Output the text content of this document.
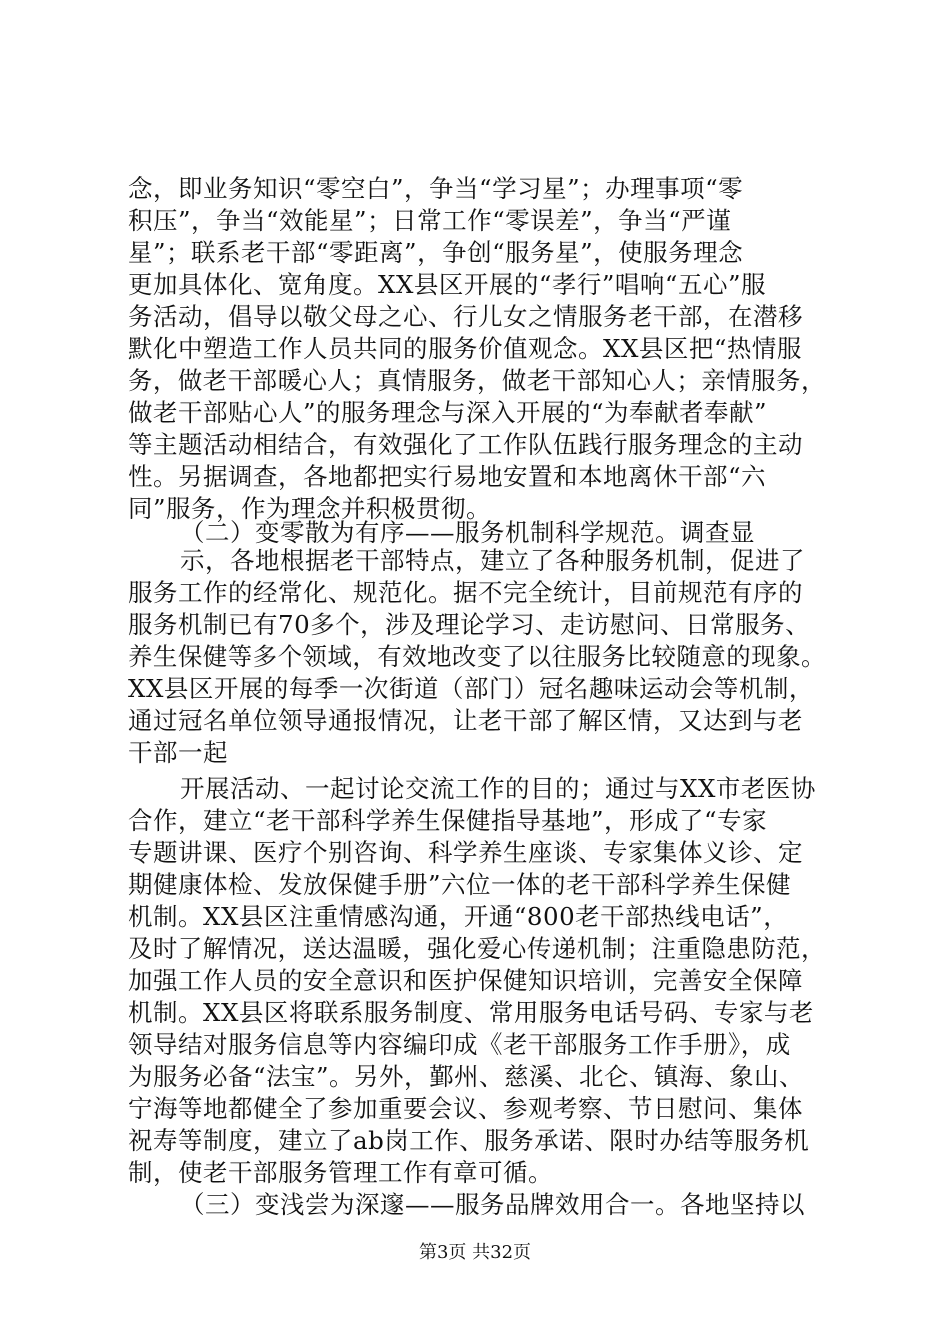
念，即业务知识“零空白”，争当“学习星”；办理事项“零
积压”，争当“效能星”；日常工作“零误差”，争当“严谨
星”；联系老干部“零距离”，争创“服务星”，使服务理念
更加具体化、宽角度。XX县区开展的“孝行”唱响“五心”服
务活动，倡导以敬父母之心、行儿女之情服务老干部，在潜移
默化中塑造工作人员共同的服务价值观念。XX县区把“热情服
务，做老干部暖心人；真情服务，做老干部知心人；亲情服务，
做老干部贴心人”的服务理念与深入开展的“为奉献者奉献”
等主题活动相结合，有效强化了工作队伍践行服务理念的主动
性。另据调查，各地都把实行易地安置和本地离休干部“六
同”服务，作为理念并积极贯彻。
（二）变零散为有序——服务机制科学规范。调查显
示，各地根据老干部特点，建立了各种服务机制，促进了
服务工作的经常化、规范化。据不完全统计，目前规范有序的
服务机制已有70多个，涉及理论学习、走访慰问、日常服务、
养生保健等多个领域，有效地改变了以往服务比较随意的现象。
XX县区开展的每季一次街道（部门）冠名趣味运动会等机制，
通过冠名单位领导通报情况，让老干部了解区情，又达到与老
干部一起
开展活动、一起讨论交流工作的目的；通过与XX市老医协
合作，建立“老干部科学养生保健指导基地”，形成了“专家
专题讲课、医疗个别咨询、科学养生座谈、专家集体义诊、定
期健康体检、发放保健手册”六位一体的老干部科学养生保健
机制。XX县区注重情感沟通，开通“800老干部热线电话”，
及时了解情况，送达温暖，强化爱心传递机制；注重隐患防范，
加强工作人员的安全意识和医护保健知识培训，完善安全保障
机制。XX县区将联系服务制度、常用服务电话号码、专家与老
领导结对服务信息等内容编印成《老干部服务工作手册》，成
为服务必备“法宝”。另外，鄞州、慈溪、北仑、镇海、象山、
宁海等地都健全了参加重要会议、参观考察、节日慰问、集体
祝寿等制度，建立了ab岗工作、服务承诺、限时办结等服务机
制，使老干部服务管理工作有章可循。
（三）变浅尝为深邃——服务品牌效用合一。各地坚持以
第3页 共32页
